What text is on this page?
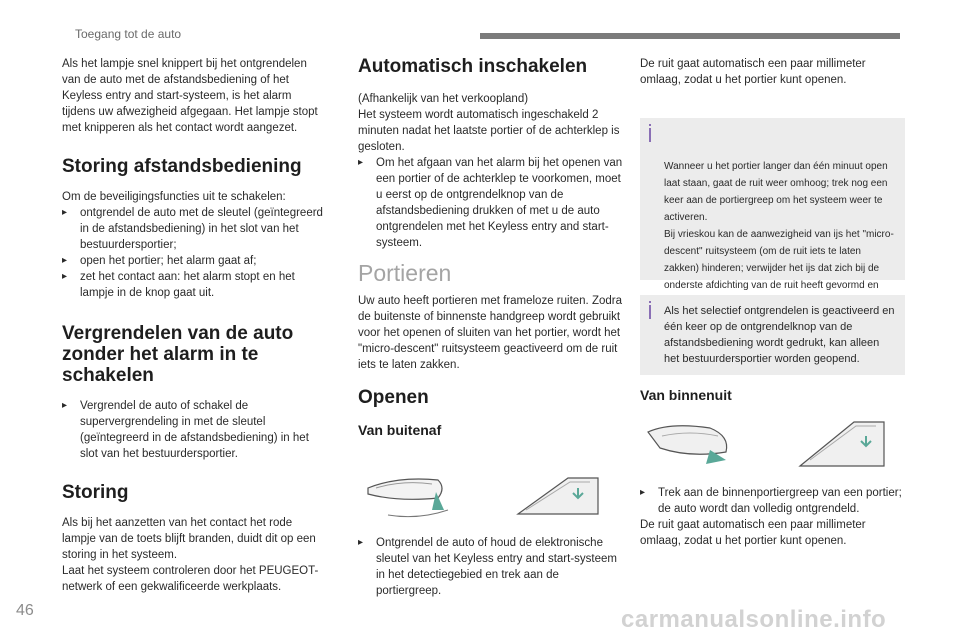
Toegang tot de auto

Als het lampje snel knippert bij het ontgrendelen van de auto met de afstandsbediening of het Keyless entry and start-systeem, is het alarm tijdens uw afwezigheid afgegaan. Het lampje stopt met knipperen als het contact wordt aangezet.

Storing afstandsbediening
Om de beveiligingsfuncties uit te schakelen:
▸ ontgrendel de auto met de sleutel (geïntegreerd in de afstandsbediening) in het slot van het bestuurdersportier;
▸ open het portier; het alarm gaat af;
▸ zet het contact aan: het alarm stopt en het lampje in de knop gaat uit.
Vergrendelen van de auto zonder het alarm in te schakelen
▸ Vergrendel de auto of schakel de supervergrendeling in met de sleutel (geïntegreerd in de afstandsbediening) in het slot van het bestuurdersportier.
Storing
Als bij het aanzetten van het contact het rode lampje van de toets blijft branden, duidt dit op een storing in het systeem.
Laat het systeem controleren door het PEUGEOT-netwerk of een gekwalificeerde werkplaats.
Automatisch inschakelen
(Afhankelijk van het verkoopland)
Het systeem wordt automatisch ingeschakeld 2 minuten nadat het laatste portier of de achterklep is gesloten.
▸ Om het afgaan van het alarm bij het openen van een portier of de achterklep te voorkomen, moet u eerst op de ontgrendelknop van de afstandsbediening drukken of met u de auto ontgrendelen met het Keyless entry and start-systeem.
Portieren
Uw auto heeft portieren met frameloze ruiten. Zodra de buitenste of binnenste handgreep wordt gebruikt voor het openen of sluiten van het portier, wordt het "micro-descent" ruitsysteem geactiveerd om de ruit iets te laten zakken.
Openen
Van buitenaf
▸ Ontgrendel de auto of houd de elektronische sleutel van het Keyless entry and start-systeem in het detectiegebied en trek aan de portiergreep.

De ruit gaat automatisch een paar millimeter omlaag, zodat u het portier kunt openen.

Wanneer u het portier langer dan één minuut open laat staan, gaat de ruit weer omhoog; trek nog een keer aan de portiergreep om het systeem weer te activeren.
Bij vrieskou kan de aanwezigheid van ijs het "micro-descent" ruitsysteem (om de ruit iets te laten zakken) hinderen; verwijder het ijs dat zich bij de onderste afdichting van de ruit heeft gevormd en

Als het selectief ontgrendelen is geactiveerd en één keer op de ontgrendelknop van de afstandsbediening wordt gedrukt, kan alleen het bestuurdersportier worden geopend.
Van binnenuit
▸ Trek aan de binnenportiergreep van een portier; de auto wordt dan volledig ontgrendeld.
De ruit gaat automatisch een paar millimeter omlaag, zodat u het portier kunt openen.
46	carmanualsonline.info
